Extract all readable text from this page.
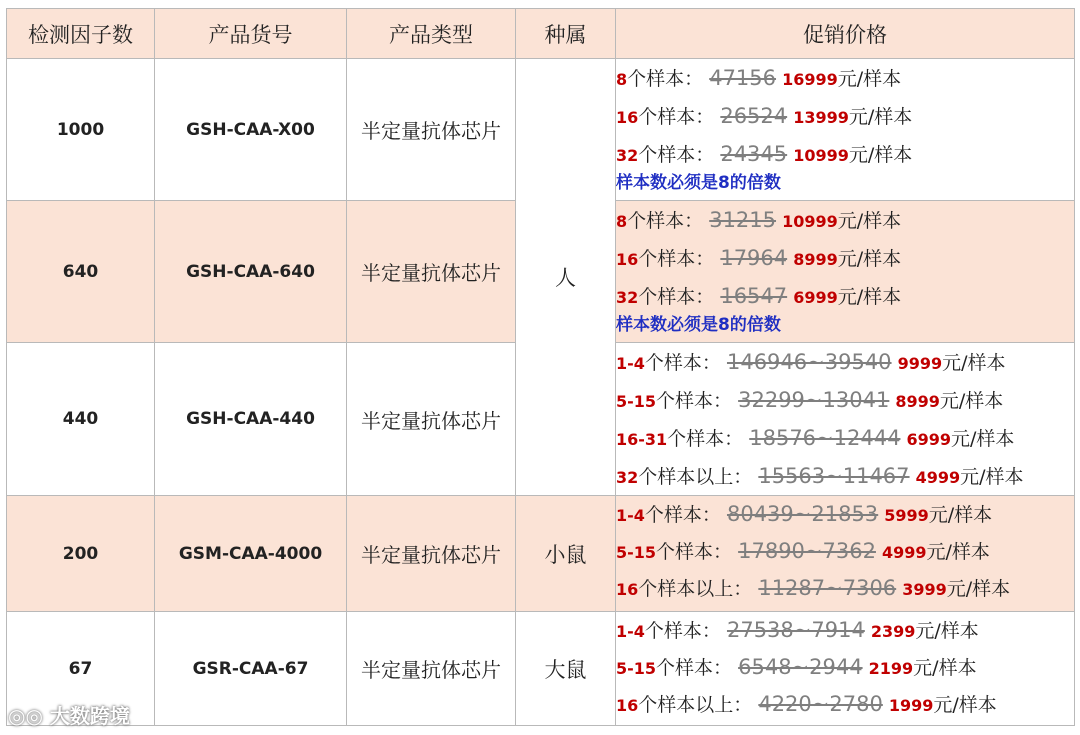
检测因子数	产品货号	产品类型	种属	促销价格
1000	GSH-CAA-X00	半定量抗体芯片	人	8个样本： 47156 16999元/样本
16个样本： 26524 13999元/样本
32个样本： 24345 10999元/样本
样本数必须是8的倍数

640	GSH-CAA-640	半定量抗体芯片		8个样本： 31215 10999元/样本
16个样本： 17964 8999元/样本
32个样本： 16547 6999元/样本
样本数必须是8的倍数

440	GSH-CAA-440	半定量抗体芯片		1-4个样本： 146946~39540 9999元/样本
5-15个样本： 32299~13041 8999元/样本
16-31个样本： 18576~12444 6999元/样本
32个样本以上： 15563~11467 4999元/样本

200	GSM-CAA-4000	半定量抗体芯片	小鼠	1-4个样本： 80439~21853 5999元/样本
5-15个样本： 17890~7362 4999元/样本
16个样本以上： 11287~7306 3999元/样本

67	GSR-CAA-67	半定量抗体芯片	大鼠	1-4个样本： 27538~7914 2399元/样本
5-15个样本： 6548~2944 2199元/样本
16个样本以上： 4220~2780 1999元/样本
◎◎ 大数跨境
